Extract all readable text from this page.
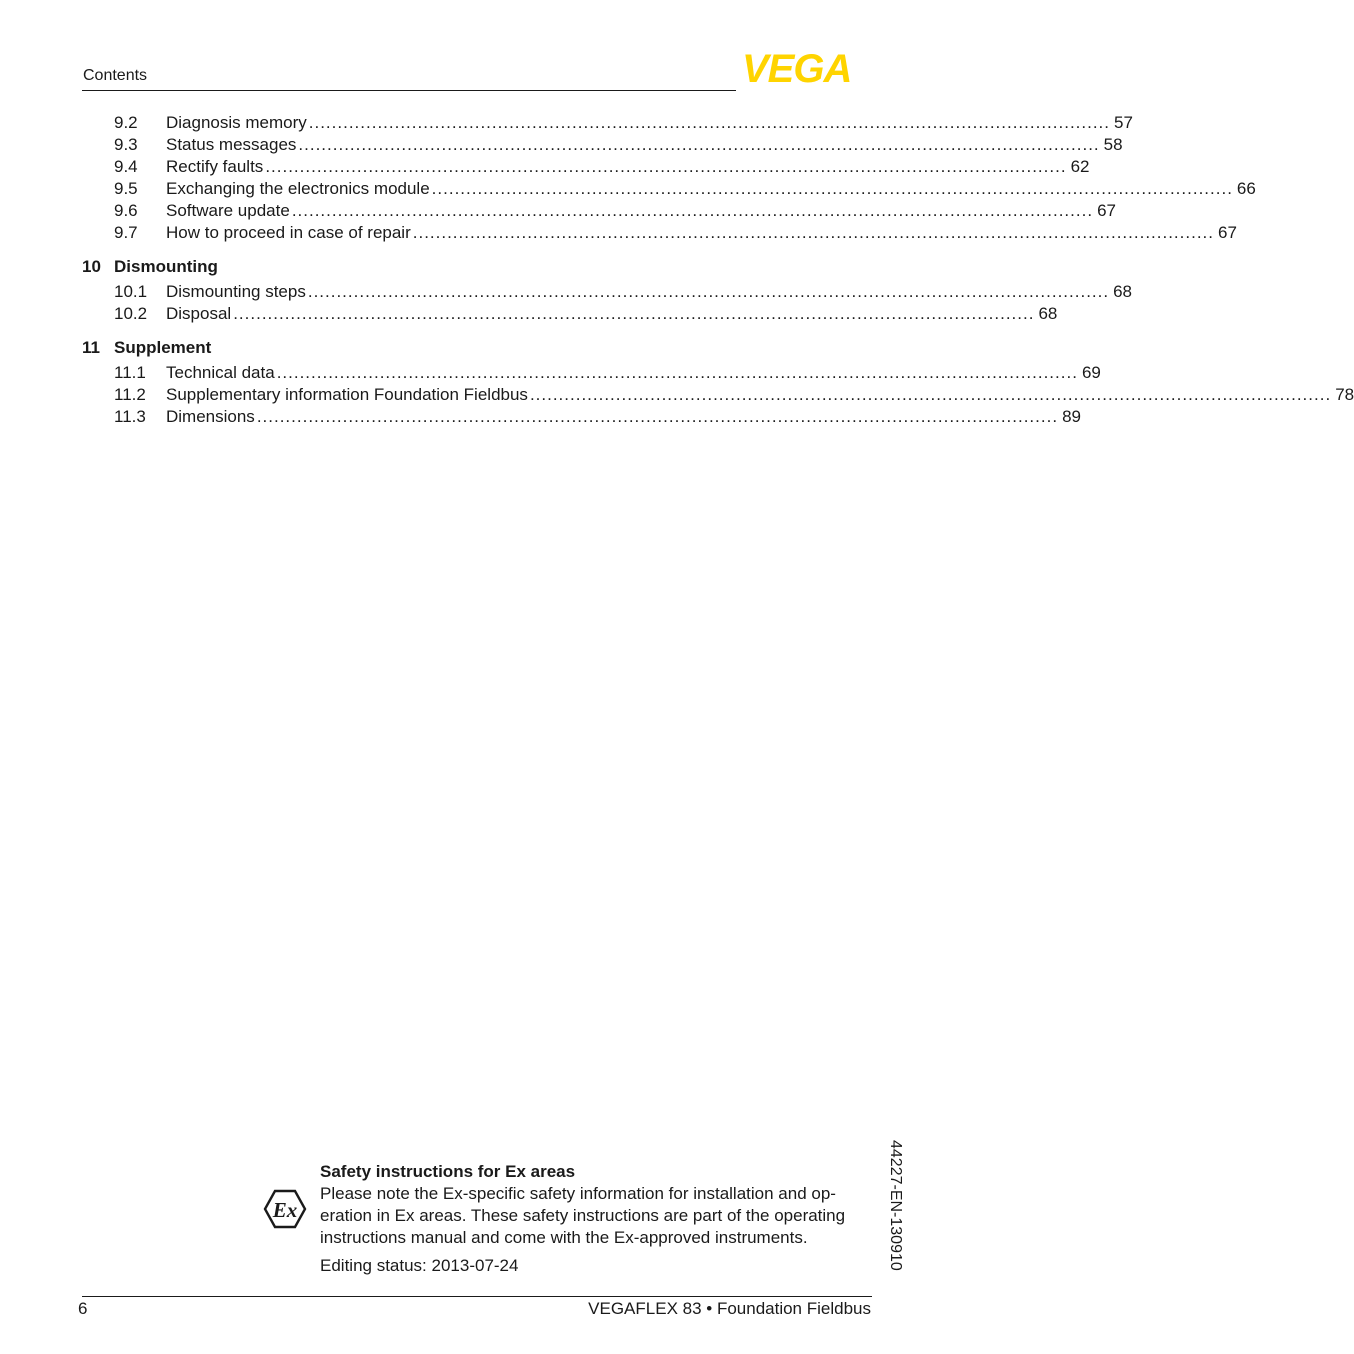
Contents	VEGA
9.2	Diagnosis memory ............................................................................................................................................ 57
9.3	Status messages ............................................................................................................................................ 58
9.4	Rectify faults ............................................................................................................................................ 62
9.5	Exchanging the electronics module ............................................................................................................................................ 66
9.6	Software update ............................................................................................................................................ 67
9.7	How to proceed in case of repair ............................................................................................................................................ 67
10 Dismounting
10.1	Dismounting steps ............................................................................................................................................ 68
10.2	Disposal ............................................................................................................................................ 68
11 Supplement
11.1	Technical data ............................................................................................................................................ 69
11.2	Supplementary information Foundation Fieldbus ............................................................................................................................................ 78
11.3	Dimensions ............................................................................................................................................ 89
44227-EN-130910
Ex
Safety instructions for Ex areas
Please note the Ex-specific safety information for installation and op-eration in Ex areas. These safety instructions are part of the operating instructions manual and come with the Ex-approved instruments.
Editing status: 2013-07-24
6	VEGAFLEX 83 • Foundation Fieldbus
